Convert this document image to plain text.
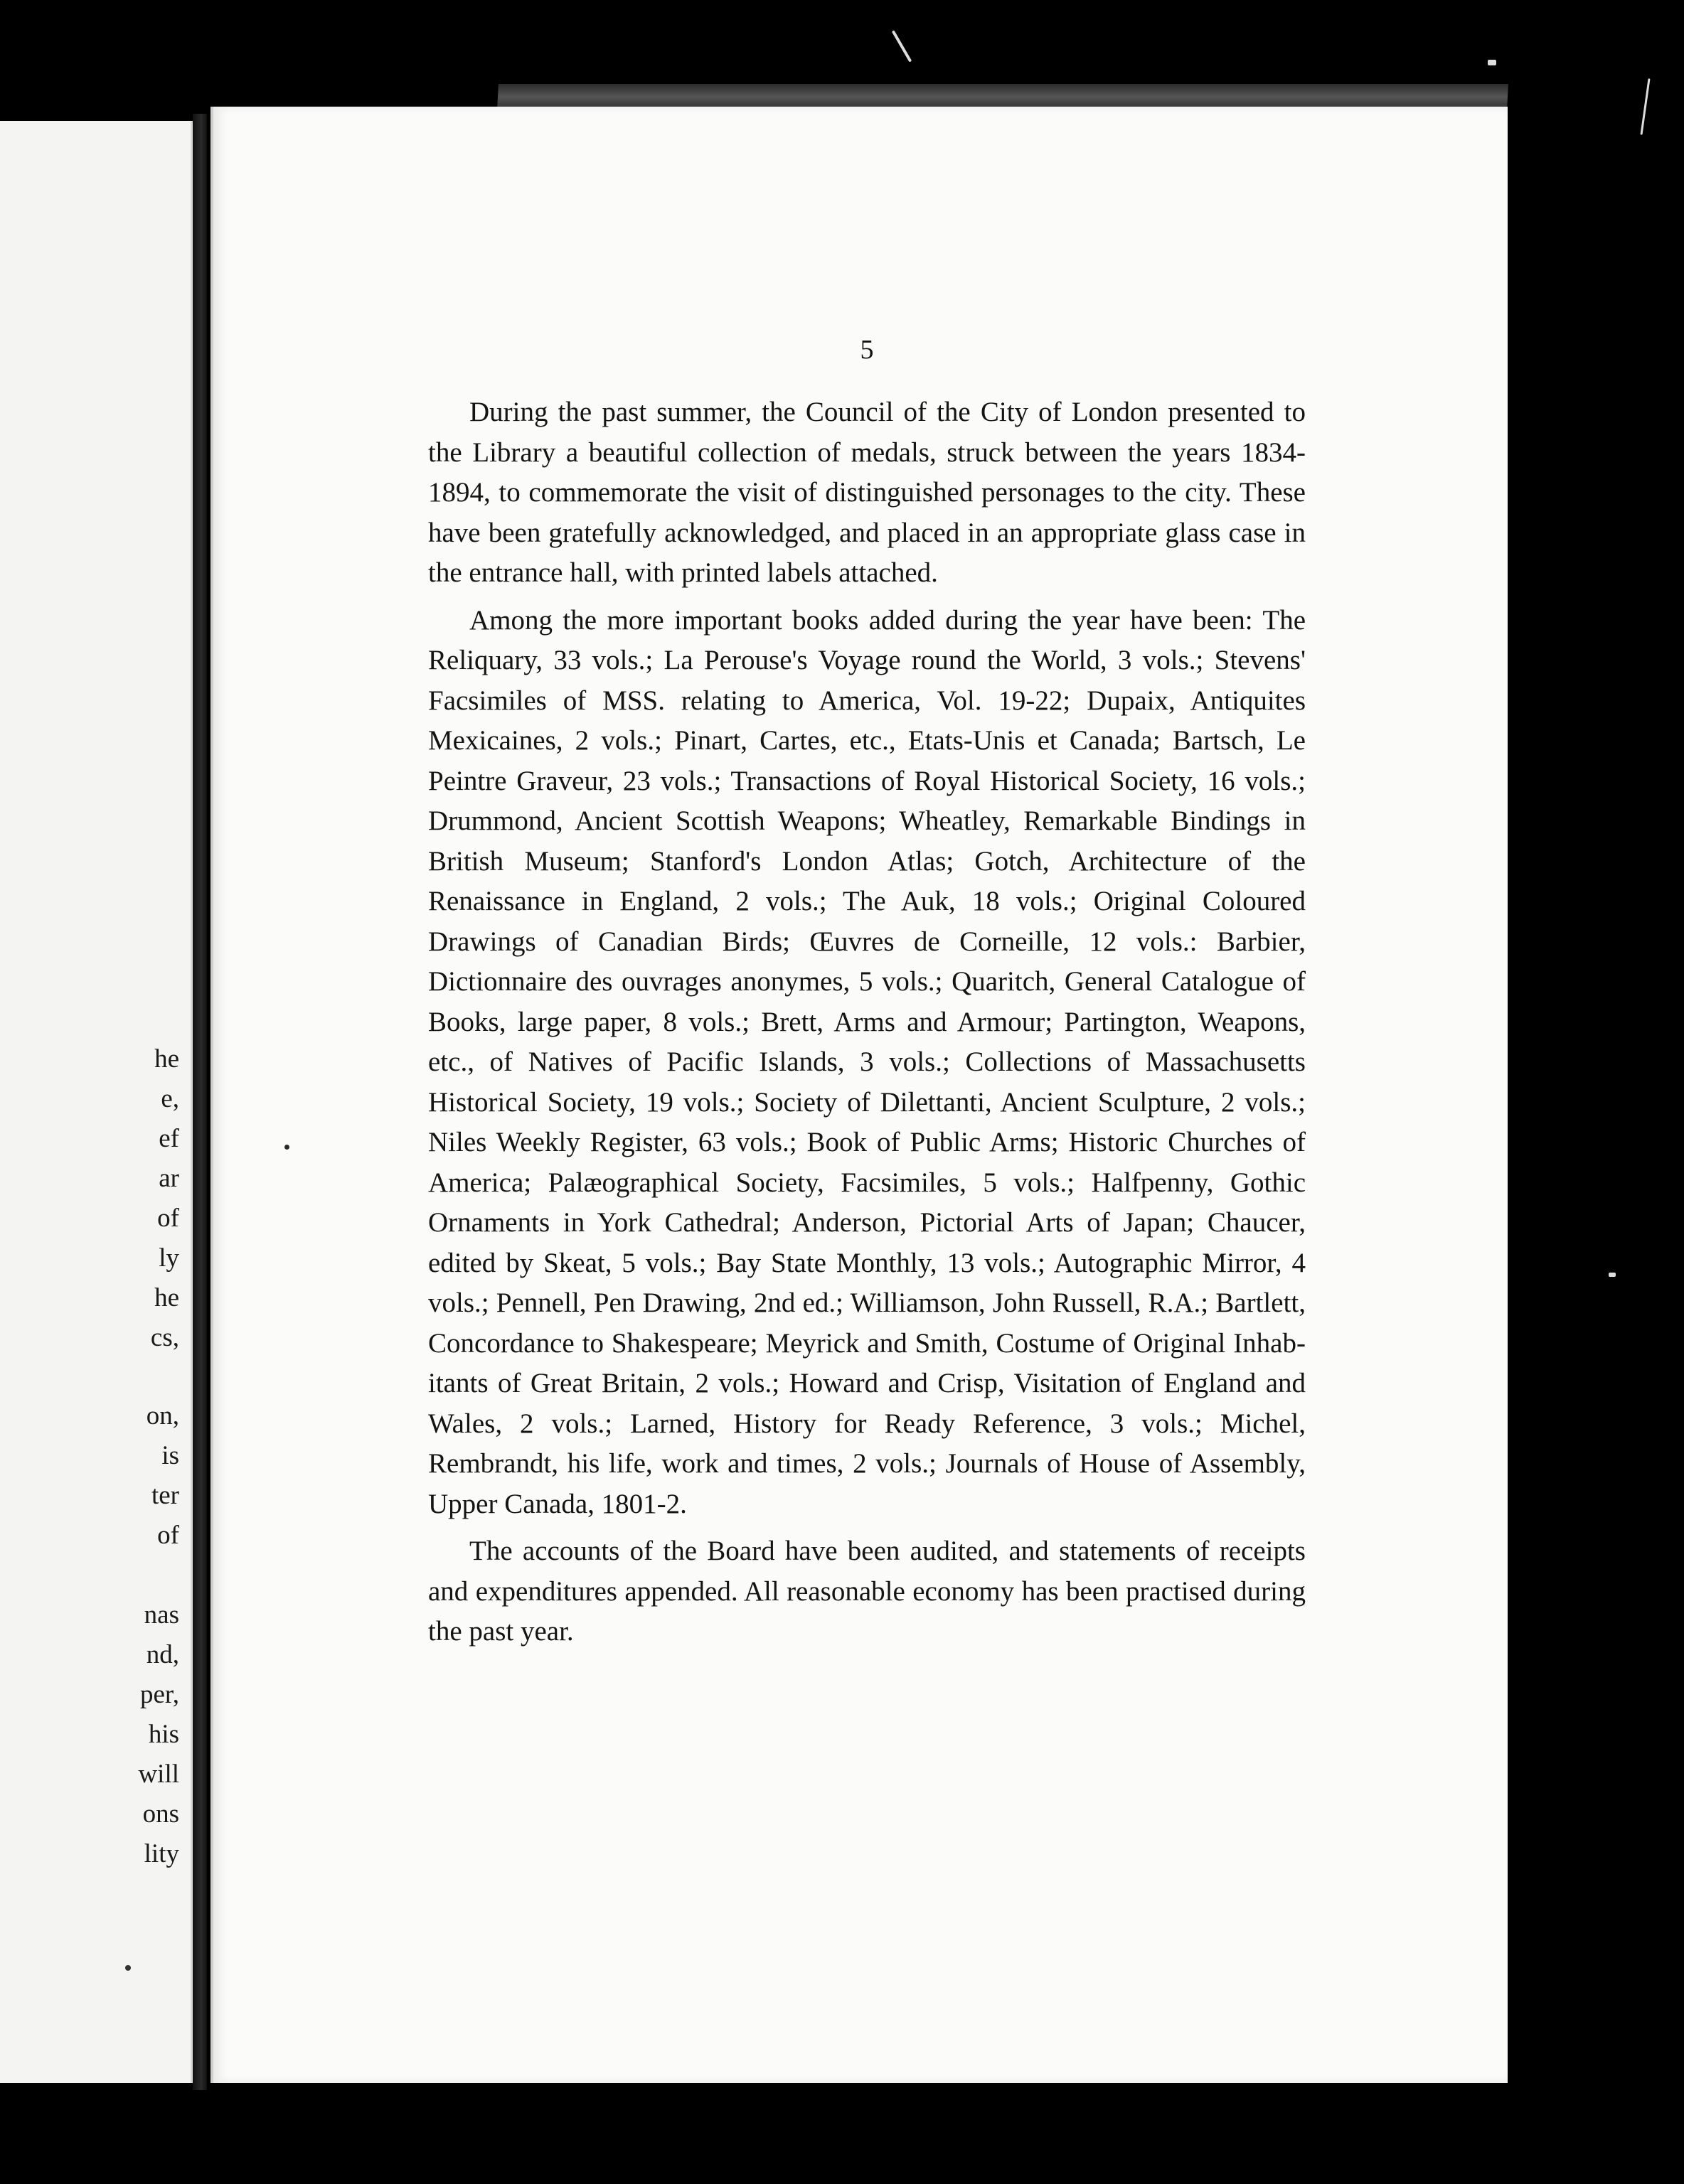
he
e,
ef
ar
of
ly
he
cs,
on,
is
ter
of
nas
nd,
per,
his
will
ons
lity
5

During the past summer, the Council of the City of London presented to the Library a beautiful collection of medals, struck between the years 1834-1894, to commemorate the visit of distinguished personages to the city. These have been gratefully acknowledged, and placed in an appropriate glass case in the entrance hall, with printed labels attached.

Among the more important books added during the year have been: The Reliquary, 33 vols.; La Perouse's Voyage round the World, 3 vols.; Stevens' Facsimiles of MSS. relating to America, Vol. 19-22; Dupaix, Antiquites Mexicaines, 2 vols.; Pinart, Cartes, etc., Etats-Unis et Canada; Bartsch, Le Peintre Graveur, 23 vols.; Transactions of Royal Historical Society, 16 vols.; Drummond, Ancient Scottish Weapons; Wheatley, Remarkable Bindings in British Museum; Stanford's London Atlas; Gotch, Architecture of the Renaissance in England, 2 vols.; The Auk, 18 vols.; Original Coloured Drawings of Canadian Birds; Œuvres de Corneille, 12 vols.: Barbier, Dictionnaire des ouvrages anonymes, 5 vols.; Quaritch, General Catalogue of Books, large paper, 8 vols.; Brett, Arms and Armour; Partington, Weapons, etc., of Natives of Pacific Islands, 3 vols.; Collections of Massachusetts Historical Society, 19 vols.; Society of Dilettanti, Ancient Sculpture, 2 vols.; Niles Weekly Register, 63 vols.; Book of Public Arms; Historic Churches of America; Palæographical Society, Facsimiles, 5 vols.; Halfpenny, Gothic Ornaments in York Cathedral; Anderson, Pictorial Arts of Japan; Chaucer, edited by Skeat, 5 vols.; Bay State Monthly, 13 vols.; Autographic Mirror, 4 vols.; Pennell, Pen Drawing, 2nd ed.; Williamson, John Russell, R.A.; Bartlett, Concordance to Shakespeare; Meyrick and Smith, Costume of Original Inhabitants of Great Britain, 2 vols.; Howard and Crisp, Visitation of England and Wales, 2 vols.; Larned, History for Ready Reference, 3 vols.; Michel, Rembrandt, his life, work and times, 2 vols.; Journals of House of Assembly, Upper Canada, 1801-2.

The accounts of the Board have been audited, and statements of receipts and expenditures appended. All reasonable economy has been practised during the past year.
